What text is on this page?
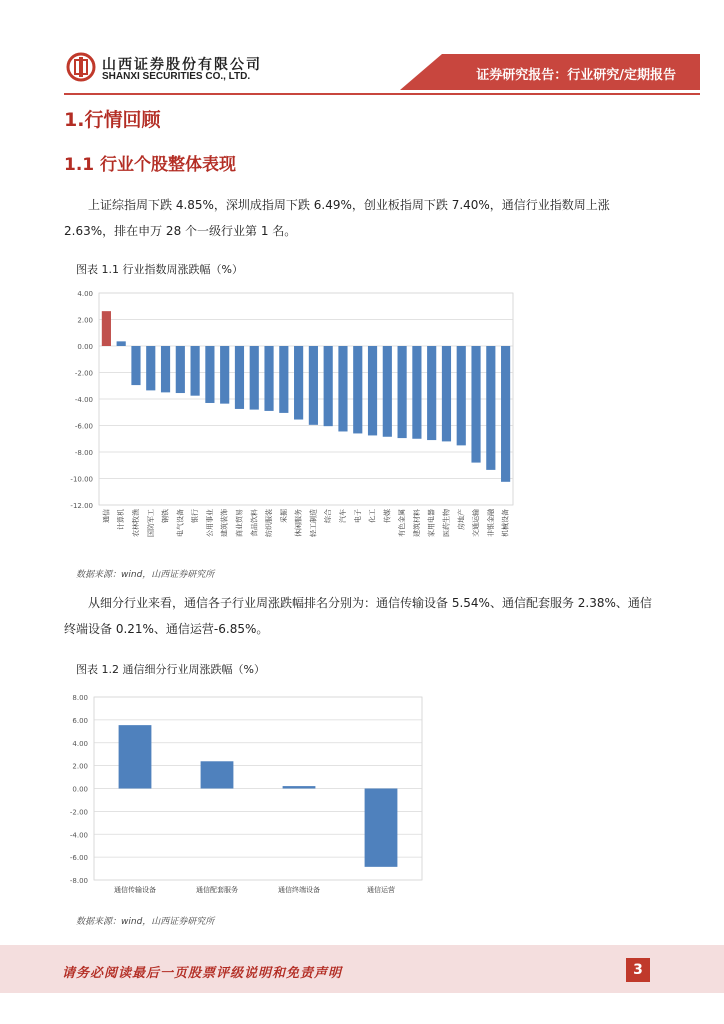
山西证券股份有限公司
SHANXI SECURITIES CO., LTD.	证券研究报告：行业研究/定期报告
1.行情回顾
1.1 行业个股整体表现

上证综指周下跌 4.85%，深圳成指周下跌 6.49%，创业板指周下跌 7.40%，通信行业指数周上涨 2.63%，排在申万 28 个一级行业第 1 名。

图表 1.1 行业指数周涨跌幅（%）
4.00
2.00
0.00
-2.00
-4.00
-6.00
-8.00
-10.00
-12.00
通信 计算机 农林牧渔 国防军工 钢铁 电气设备 银行 公用事业 建筑装饰 商业贸易 食品饮料 纺织服装 采掘 休闲服务 轻工制造 综合 汽车 电子 化工 传媒 有色金属 建筑材料 家用电器 医药生物 房地产 交通运输 非银金融 机械设备
数据来源：wind，山西证券研究所

从细分行业来看，通信各子行业周涨跌幅排名分别为：通信传输设备 5.54%、通信配套服务 2.38%、通信终端设备 0.21%、通信运营-6.85%。

图表 1.2 通信细分行业周涨跌幅（%）
8.00
6.00
4.00
2.00
0.00
-2.00
-4.00
-6.00
-8.00
通信传输设备	通信配套服务	通信终端设备	通信运营
数据来源：wind，山西证券研究所
请务必阅读最后一页股票评级说明和免责声明	3
